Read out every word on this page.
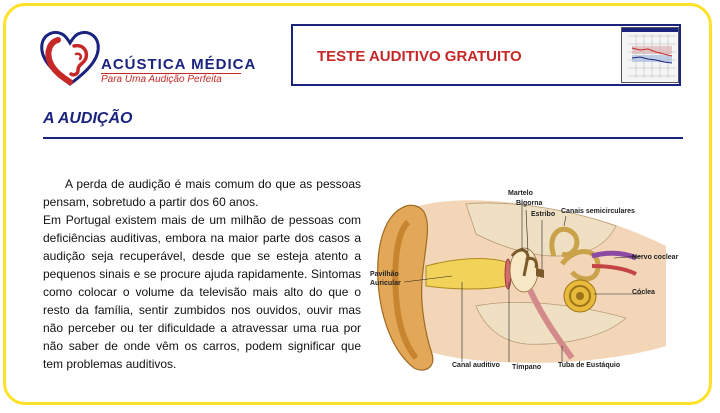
ACÚSTICA MÉDICA
Para Uma Audição Perfeita
TESTE AUDITIVO GRATUITO
A AUDIÇÃO

A perda de audição é mais comum do que as pessoas pensam, sobretudo a partir dos 60 anos.

Em Portugal existem mais de um milhão de pessoas com deficiências auditivas, embora na maior parte dos casos a audição seja recuperável, desde que se esteja atento a pequenos sinais e se procure ajuda rapidamente. Sintomas como colocar o volume da televisão mais alto do que o resto da família, sentir zumbidos nos ouvidos, ouvir mas não perceber ou ter dificuldade a atravessar uma rua por não saber de onde vêm os carros, podem significar que tem problemas auditivos.

Martelo
Bigorna
Estribo Canais semicirculares
Nervo coclear
Pavilhão Auricular
Cóclea
Canal auditivo Tímpano Tuba de Eustáquio
